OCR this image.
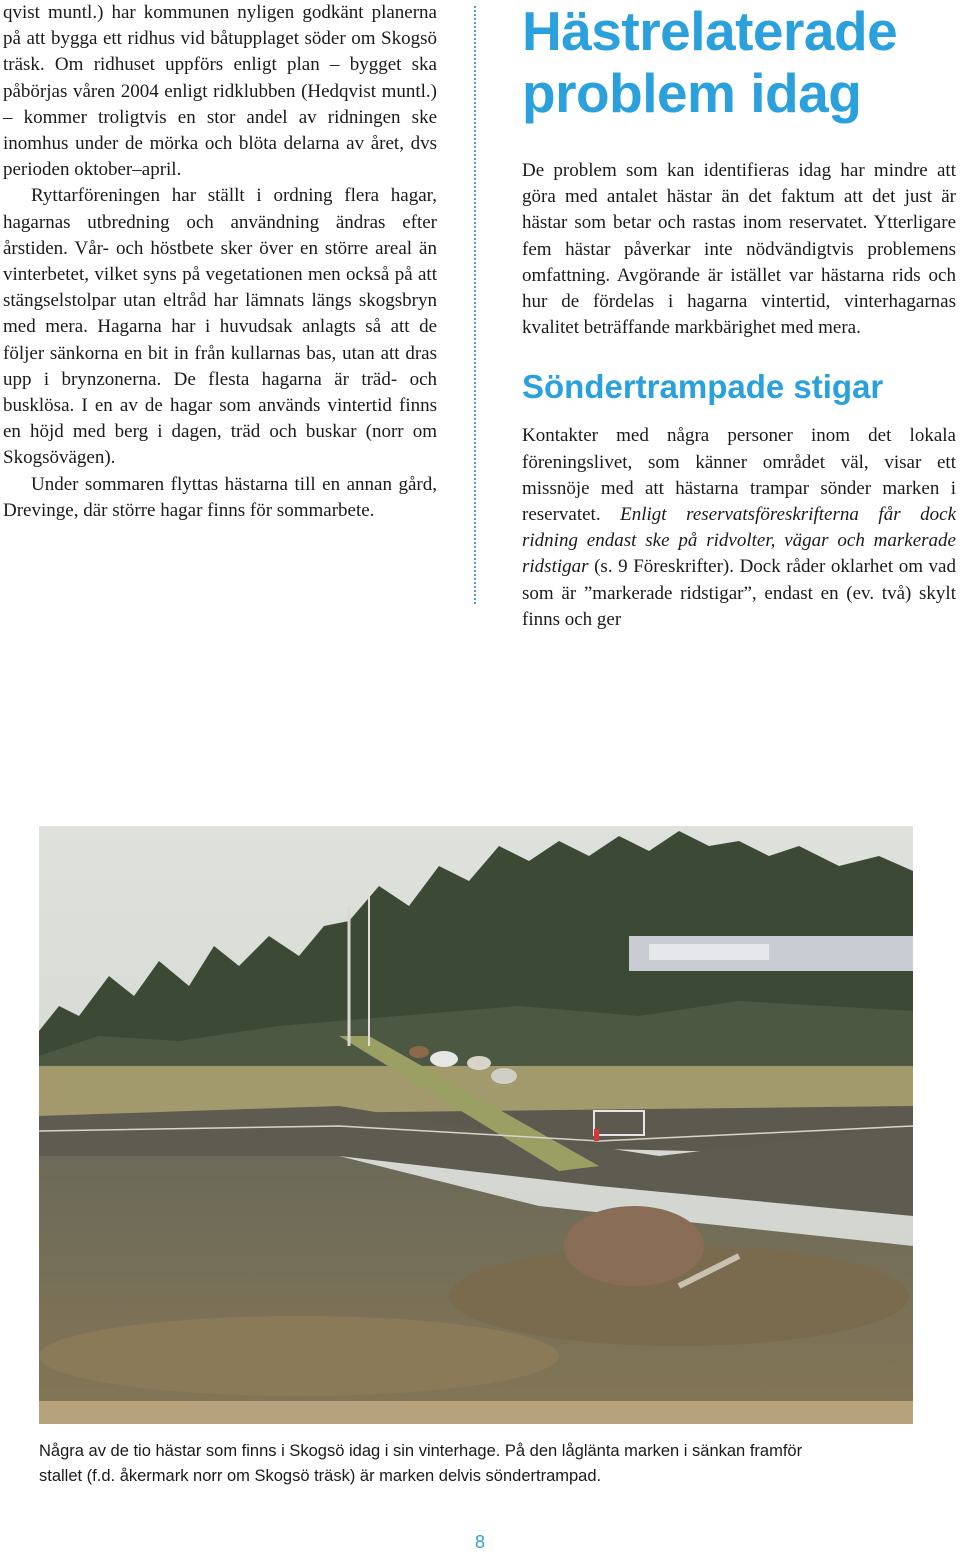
qvist muntl.) har kommunen nyligen godkänt planerna på att bygga ett ridhus vid båtupplaget söder om Skogsö träsk. Om ridhuset uppförs enligt plan – bygget ska påbörjas våren 2004 enligt ridklubben (Hedqvist muntl.) – kommer troligtvis en stor andel av ridningen ske inomhus under de mörka och blöta delarna av året, dvs perioden oktober–april.

Ryttarföreningen har ställt i ordning flera hagar, hagarnas utbredning och användning ändras efter årstiden. Vår- och höstbete sker över en större areal än vinterbetet, vilket syns på vegetationen men också på att stängselstolpar utan eltråd har lämnats längs skogsbryn med mera. Hagarna har i huvudsak anlagts så att de följer sänkorna en bit in från kullarnas bas, utan att dras upp i brynzonerna. De flesta hagarna är träd- och busklösa. I en av de hagar som används vintertid finns en höjd med berg i dagen, träd och buskar (norr om Skogsövägen).

Under sommaren flyttas hästarna till en annan gård, Drevinge, där större hagar finns för sommarbete.

Hästrelaterade problem idag

De problem som kan identifieras idag har mindre att göra med antalet hästar än det faktum att det just är hästar som betar och rastas inom reservatet. Ytterligare fem hästar påverkar inte nödvändigtvis problemens omfattning. Avgörande är istället var hästarna rids och hur de fördelas i hagarna vintertid, vinterhagarnas kvalitet beträffande markbärighet med mera.

Söndertrampade stigar

Kontakter med några personer inom det lokala föreningslivet, som känner området väl, visar ett missnöje med att hästarna trampar sönder marken i reservatet. Enligt reservatsföreskrifterna får dock ridning endast ske på ridvolter, vägar och markerade ridstigar (s. 9 Föreskrifter). Dock råder oklarhet om vad som är ”markerade ridstigar”, endast en (ev. två) skylt finns och ger

Några av de tio hästar som finns i Skogsö idag i sin vinterhage. På den låglänta marken i sänkan framför stallet (f.d. åkermark norr om Skogsö träsk) är marken delvis söndertrampad.
8
